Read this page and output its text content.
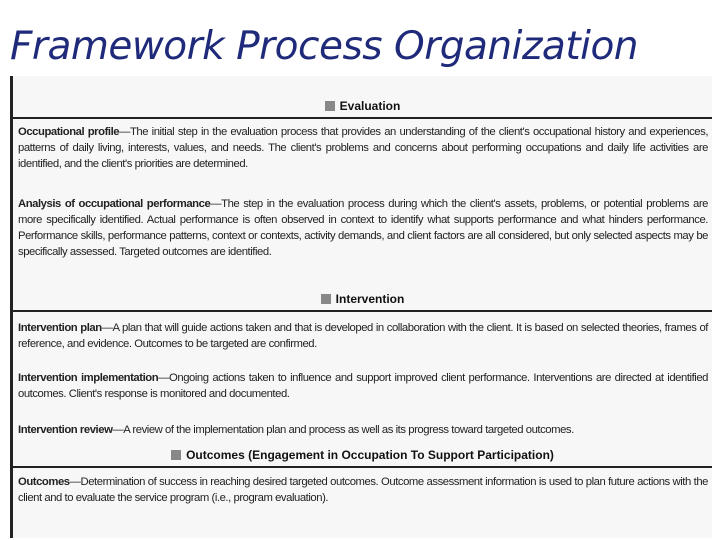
Framework Process Organization
Evaluation
Occupational profile—The initial step in the evaluation process that provides an understanding of the client's occupational history and experiences, patterns of daily living, interests, values, and needs. The client's problems and concerns about performing occupations and daily life activities are identified, and the client's priorities are determined.
Analysis of occupational performance—The step in the evaluation process during which the client's assets, problems, or potential problems are more specifically identified. Actual performance is often observed in context to identify what supports performance and what hinders performance. Performance skills, performance patterns, context or contexts, activity demands, and client factors are all considered, but only selected aspects may be specifically assessed. Targeted outcomes are identified.
Intervention
Intervention plan—A plan that will guide actions taken and that is developed in collaboration with the client. It is based on selected theories, frames of reference, and evidence. Outcomes to be targeted are confirmed.
Intervention implementation—Ongoing actions taken to influence and support improved client performance. Interventions are directed at identified outcomes. Client's response is monitored and documented.
Intervention review—A review of the implementation plan and process as well as its progress toward targeted outcomes.
Outcomes (Engagement in Occupation To Support Participation)
Outcomes—Determination of success in reaching desired targeted outcomes. Outcome assessment information is used to plan future actions with the client and to evaluate the service program (i.e., program evaluation).
